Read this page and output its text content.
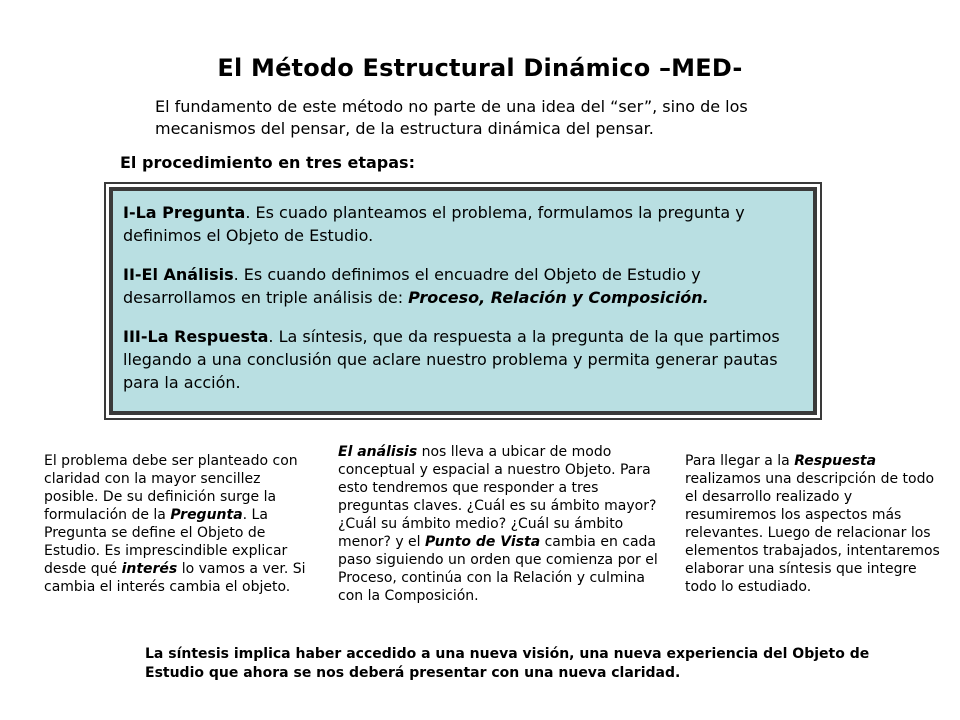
El Método Estructural Dinámico –MED-
El fundamento de este método no parte de una idea del “ser”, sino de los mecanismos del pensar, de la estructura dinámica del pensar.
El procedimiento en tres etapas:
I-La Pregunta. Es cuado planteamos el problema, formulamos la pregunta y definimos el Objeto de Estudio.
II-El Análisis. Es cuando definimos el encuadre del Objeto de Estudio y desarrollamos en triple análisis de: Proceso, Relación y Composición.
III-La Respuesta. La síntesis, que da respuesta a la pregunta de la que partimos llegando a una conclusión que aclare nuestro problema y permita generar pautas para la acción.
El problema debe ser planteado con claridad con la mayor sencillez posible. De su definición surge la formulación de la Pregunta. La Pregunta se define el Objeto de Estudio. Es imprescindible explicar desde qué interés lo vamos a ver. Si cambia el interés cambia el objeto.
El análisis nos lleva a ubicar de modo conceptual y espacial a nuestro Objeto. Para esto tendremos que responder a tres preguntas claves. ¿Cuál es su ámbito mayor? ¿Cuál su ámbito medio? ¿Cuál su ámbito menor? y el Punto de Vista cambia en cada paso siguiendo un orden que comienza por el Proceso, continúa con la Relación y culmina con la Composición.
Para llegar a la Respuesta realizamos una descripción de todo el desarrollo realizado y resumiremos los aspectos más relevantes. Luego de relacionar los elementos trabajados, intentaremos elaborar una síntesis que integre todo lo estudiado.
La síntesis implica haber accedido a una nueva visión, una nueva experiencia del Objeto de Estudio que ahora se nos deberá presentar con una nueva claridad.
